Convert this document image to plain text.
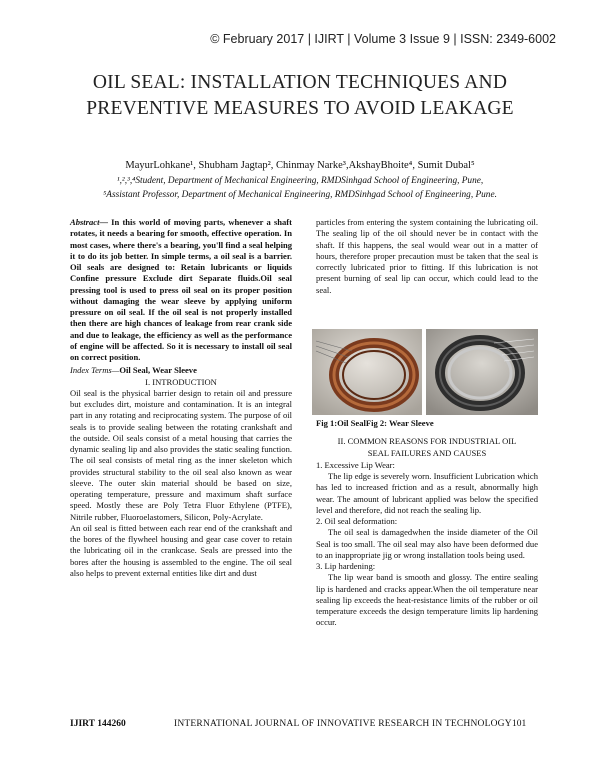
© February 2017 | IJIRT | Volume 3 Issue 9 | ISSN: 2349-6002
OIL SEAL: INSTALLATION TECHNIQUES AND
PREVENTIVE MEASURES TO AVOID LEAKAGE
MayurLohkane¹, Shubham Jagtap², Chinmay Narke³,AkshayBhoite⁴, Sumit Dubal⁵
¹,²,³,⁴Student, Department of Mechanical Engineering, RMDSinhgad School of Engineering, Pune,
⁵Assistant Professor, Department of Mechanical Engineering, RMDSinhgad School of Engineering, Pune.

Abstract— In this world of moving parts, whenever a shaft rotates, it needs a bearing for smooth, effective operation. In most cases, where there's a bearing, you'll find a seal helping it to do its job better. In simple terms, a oil seal is a barrier. Oil seals are designed to: Retain lubricants or liquids Confine pressure Exclude dirt Separate fluids.Oil seal pressing tool is used to press oil seal on its proper position without damaging the wear sleeve by applying uniform pressure on oil seal. If the oil seal is not properly installed then there are high chances of leakage from rear crank side and due to leakage, the efficiency as well as the performance of engine will be affected. So it is necessary to install oil seal on correct position.

Index Terms—Oil Seal, Wear Sleeve

I. INTRODUCTION

Oil seal is the physical barrier design to retain oil and pressure but excludes dirt, moisture and contamination. It is an integral part in any rotating and reciprocating system. The purpose of oil seals is to provide sealing between the rotating crankshaft and the outside. Oil seals consist of a metal housing that carries the dynamic sealing lip and also provides the static sealing function. The oil seal consists of metal ring as the inner skeleton which provides structural stability to the oil seal also known as wear sleeve. The outer skin material should be based on size, operating temperature, pressure and maximum shaft surface speed. Mostly these are Poly Tetra Fluor Ethylene (PTFE), Nitrile rubber, Fluoroelastomers, Silicon, Poly-Acrylate.

An oil seal is fitted between each rear end of the crankshaft and the bores of the flywheel housing and gear case cover to retain the lubricating oil in the crankcase. Seals are pressed into the bores after the housing is assembled to the engine. The oil seal also helps to prevent external entities like dirt and dust

particles from entering the system containing the lubricating oil. The sealing lip of the oil should never be in contact with the shaft. If this happens, the seal would wear out in a matter of hours, therefore proper precaution must be taken that the seal is correctly lubricated prior to fitting. If this lubrication is not present burning of seal lip can occur, which could lead to the seal.

Fig 1:Oil SealFig 2: Wear Sleeve

II. COMMON REASONS FOR INDUSTRIAL OIL

SEAL FAILURES AND CAUSES

1. Excessive Lip Wear:

The lip edge is severely worn. Insufficient Lubrication which has led to increased friction and as a result, abnormally high wear. The amount of lubricant applied was below the specified level and therefore, did not reach the sealing lip.

2. Oil seal deformation:

The oil seal is damagedwhen the inside diameter of the Oil Seal is too small. The oil seal may also have been deformed due to an inappropriate jig or wrong installation tools being used.

3. Lip hardening:

The lip wear band is smooth and glossy. The entire sealing lip is hardened and cracks appear.When the oil temperature near sealing lip exceeds the heat-resistance limits of the rubber or oil temperature exceeds the design temperature limits lip hardening occur.

IJIRT 144260	INTERNATIONAL JOURNAL OF INNOVATIVE RESEARCH IN TECHNOLOGY 101
